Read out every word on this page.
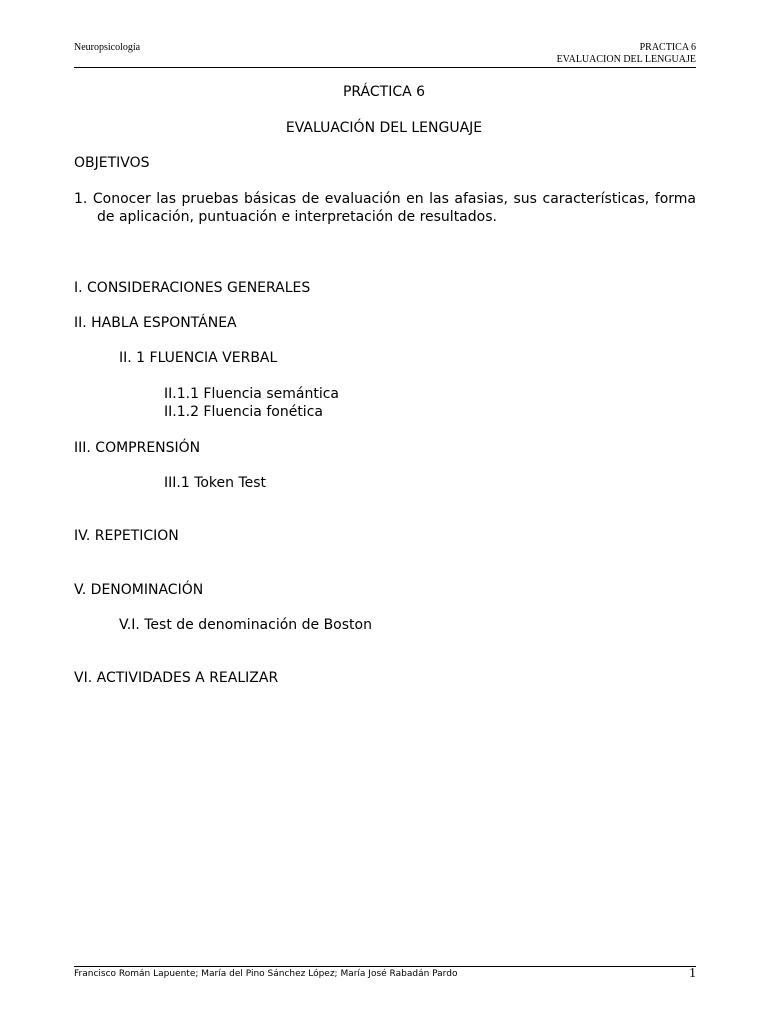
Neuropsicología	PRACTICA 6
EVALUACION DEL LENGUAJE
PRÁCTICA 6
EVALUACIÓN DEL LENGUAJE
OBJETIVOS
1. Conocer las pruebas básicas de evaluación en las afasias, sus características, forma de aplicación, puntuación e interpretación de resultados.
I. CONSIDERACIONES GENERALES
II. HABLA ESPONTÁNEA
II. 1 FLUENCIA VERBAL
II.1.1 Fluencia semántica
II.1.2 Fluencia fonética
III. COMPRENSIÓN
III.1 Token Test
IV. REPETICION
V. DENOMINACIÓN
V.I. Test de denominación de Boston
VI. ACTIVIDADES A REALIZAR
Francisco Román Lapuente; María del Pino Sánchez López; María José Rabadán Pardo	1
